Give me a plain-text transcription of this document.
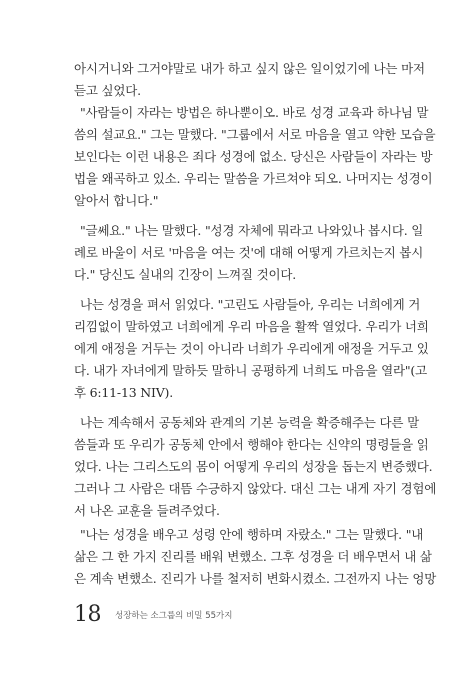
아시거니와 그거야말로 내가 하고 싶지 않은 일이었기에 나는 마저
듣고 싶었다.
"사람들이 자라는 방법은 하나뿐이오. 바로 성경 교육과 하나님 말
씀의 설교요." 그는 말했다. "그룹에서 서로 마음을 열고 약한 모습을
보인다는 이런 내용은 죄다 성경에 없소. 당신은 사람들이 자라는 방
법을 왜곡하고 있소. 우리는 말씀을 가르쳐야 되오. 나머지는 성경이
알아서 합니다."
"글쎄요." 나는 말했다. "성경 자체에 뭐라고 나와있나 봅시다. 일
례로 바울이 서로 '마음을 여는 것'에 대해 어떻게 가르치는지 봅시
다." 당신도 실내의 긴장이 느껴질 것이다.
나는 성경을 펴서 읽었다. "고린도 사람들아, 우리는 너희에게 거
리낌없이 말하였고 너희에게 우리 마음을 활짝 열었다. 우리가 너희
에게 애정을 거두는 것이 아니라 너희가 우리에게 애정을 거두고 있
다. 내가 자녀에게 말하듯 말하니 공평하게 너희도 마음을 열라"(고
후 6:11-13 NIV).
나는 계속해서 공동체와 관계의 기본 능력을 확증해주는 다른 말
씀들과 또 우리가 공동체 안에서 행해야 한다는 신약의 명령들을 읽
었다. 나는 그리스도의 몸이 어떻게 우리의 성장을 돕는지 변증했다.
그러나 그 사람은 대뜸 수긍하지 않았다. 대신 그는 내게 자기 경험에
서 나온 교훈을 들려주었다.
"나는 성경을 배우고 성령 안에 행하며 자랐소." 그는 말했다. "내
삶은 그 한 가지 진리를 배워 변했소. 그후 성경을 더 배우면서 내 삶
은 계속 변했소. 진리가 나를 철저히 변화시켰소. 그전까지 나는 엉망
18 성장하는 소그룹의 비밀 55가지
